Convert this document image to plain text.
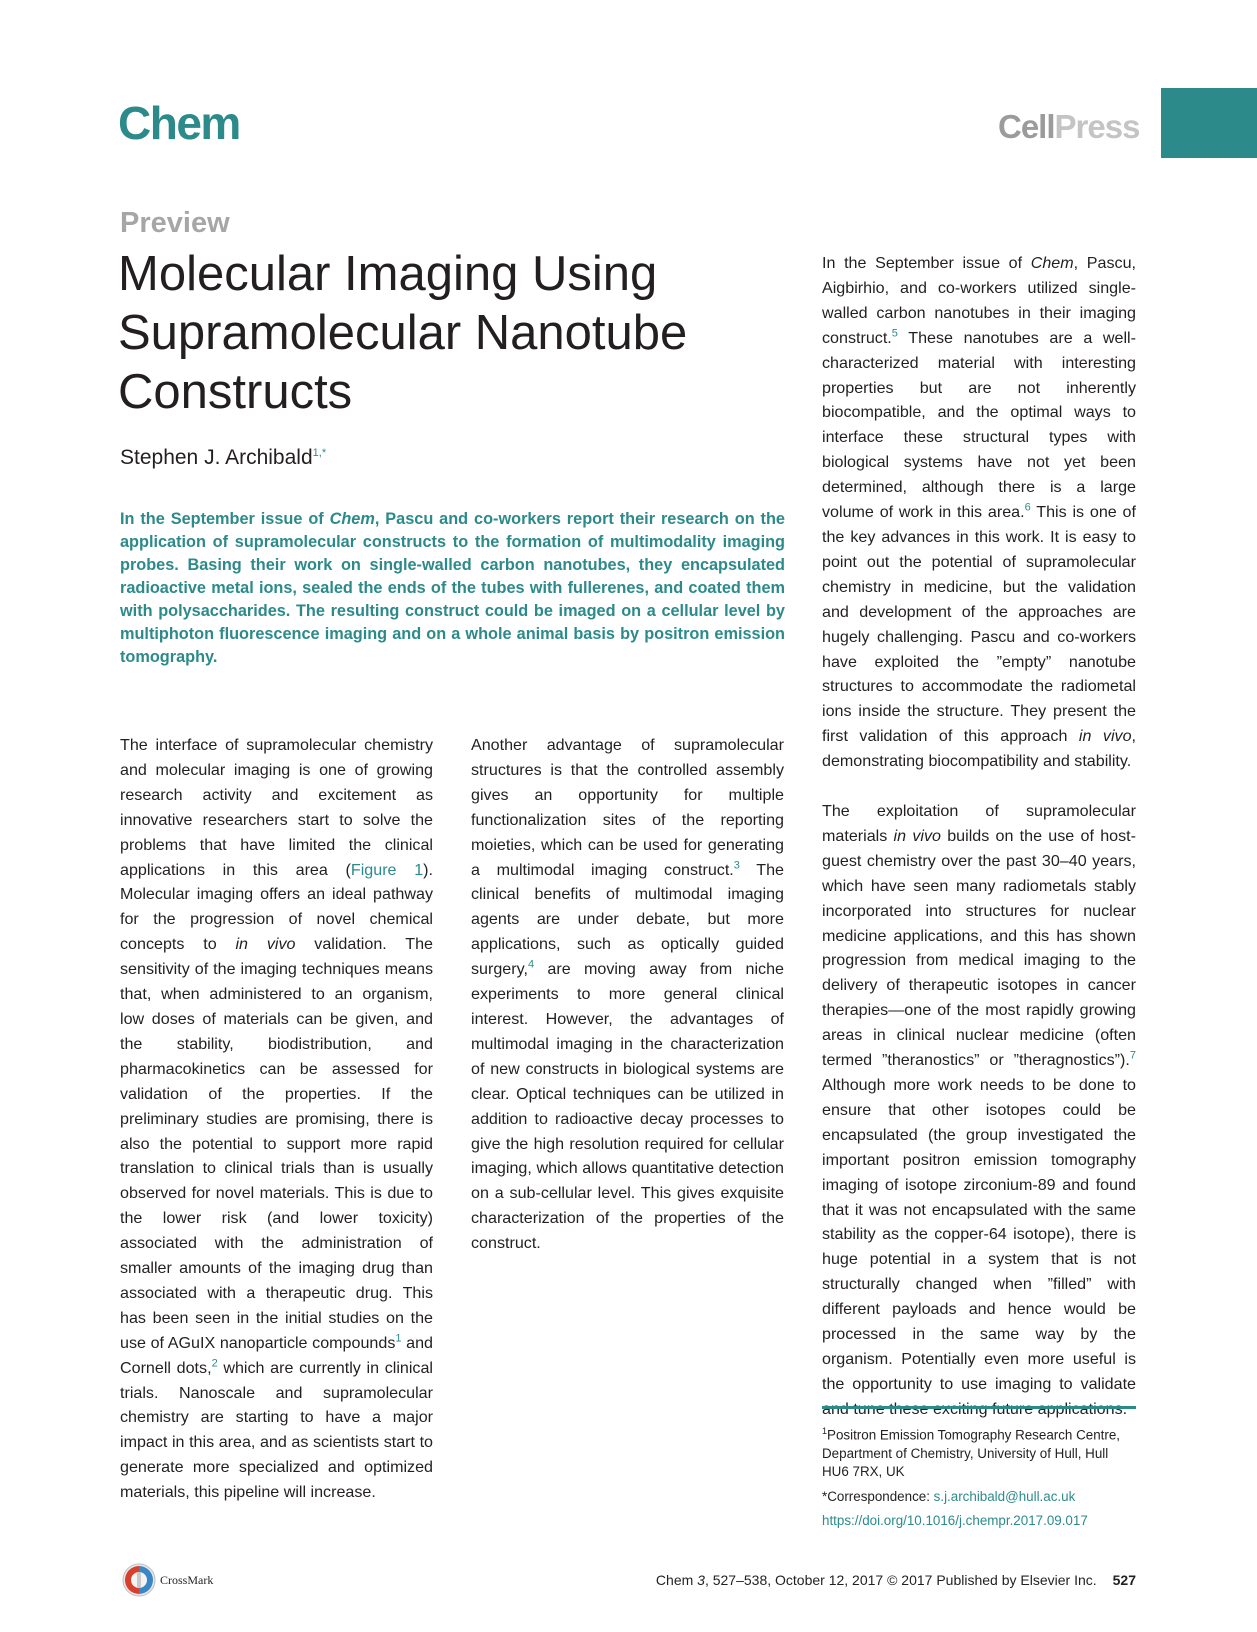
Chem	CellPress
Preview
Molecular Imaging Using Supramolecular Nanotube Constructs
Stephen J. Archibald$^{1,*}$
In the September issue of Chem, Pascu and co-workers report their research on the application of supramolecular constructs to the formation of multimodality imaging probes. Basing their work on single-walled carbon nanotubes, they encapsulated radioactive metal ions, sealed the ends of the tubes with fullerenes, and coated them with polysaccharides. The resulting construct could be imaged on a cellular level by multiphoton fluorescence imaging and on a whole animal basis by positron emission tomography.

The interface of supramolecular chemistry and molecular imaging is one of growing research activity and excitement as innovative researchers start to solve the problems that have limited the clinical applications in this area (Figure 1). Molecular imaging offers an ideal pathway for the progression of novel chemical concepts to in vivo validation. The sensitivity of the imaging techniques means that, when administered to an organism, low doses of materials can be given, and the stability, biodistribution, and pharmacokinetics can be assessed for validation of the properties. If the preliminary studies are promising, there is also the potential to support more rapid translation to clinical trials than is usually observed for novel materials. This is due to the lower risk (and lower toxicity) associated with the administration of smaller amounts of the imaging drug than associated with a therapeutic drug. This has been seen in the initial studies on the use of AGuIX nanoparticle compounds$^1$ and Cornell dots,$^2$ which are currently in clinical trials. Nanoscale and supramolecular chemistry are starting to have a major impact in this area, and as scientists start to generate more specialized and optimized materials, this pipeline will increase.

Another advantage of supramolecular structures is that the controlled assembly gives an opportunity for multiple functionalization sites of the reporting moieties, which can be used for generating a multimodal imaging construct.$^3$ The clinical benefits of multimodal imaging agents are under debate, but more applications, such as optically guided surgery,$^4$ are moving away from niche experiments to more general clinical interest. However, the advantages of multimodal imaging in the characterization of new constructs in biological systems are clear. Optical techniques can be utilized in addition to radioactive decay processes to give the high resolution required for cellular imaging, which allows quantitative detection on a sub-cellular level. This gives exquisite characterization of the properties of the construct.

In the September issue of Chem, Pascu, Aigbirhio, and co-workers utilized single-walled carbon nanotubes in their imaging construct.$^5$ These nanotubes are a well-characterized material with interesting properties but are not inherently biocompatible, and the optimal ways to interface these structural types with biological systems have not yet been determined, although there is a large volume of work in this area.$^6$ This is one of the key advances in this work. It is easy to point out the potential of supramolecular chemistry in medicine, but the validation and development of the approaches are hugely challenging. Pascu and co-workers have exploited the ”empty” nanotube structures to accommodate the radiometal ions inside the structure. They present the first validation of this approach in vivo, demonstrating biocompatibility and stability.

The exploitation of supramolecular materials in vivo builds on the use of host-guest chemistry over the past 30–40 years, which have seen many radiometals stably incorporated into structures for nuclear medicine applications, and this has shown progression from medical imaging to the delivery of therapeutic isotopes in cancer therapies—one of the most rapidly growing areas in clinical nuclear medicine (often termed ”theranostics” or ”theragnostics”).$^7$ Although more work needs to be done to ensure that other isotopes could be encapsulated (the group investigated the important positron emission tomography imaging of isotope zirconium-89 and found that it was not encapsulated with the same stability as the copper-64 isotope), there is huge potential in a system that is not structurally changed when ”filled” with different payloads and hence would be processed in the same way by the organism. Potentially even more useful is the opportunity to use imaging to validate

$^1$Positron Emission Tomography Research Centre, Department of Chemistry, University of Hull, Hull HU6 7RX, UK
*Correspondence: s.j.archibald@hull.ac.uk
https://doi.org/10.1016/j.chempr.2017.09.017
CrossMark	Chem 3, 527–538, October 12, 2017 © 2017 Published by Elsevier Inc. 527
